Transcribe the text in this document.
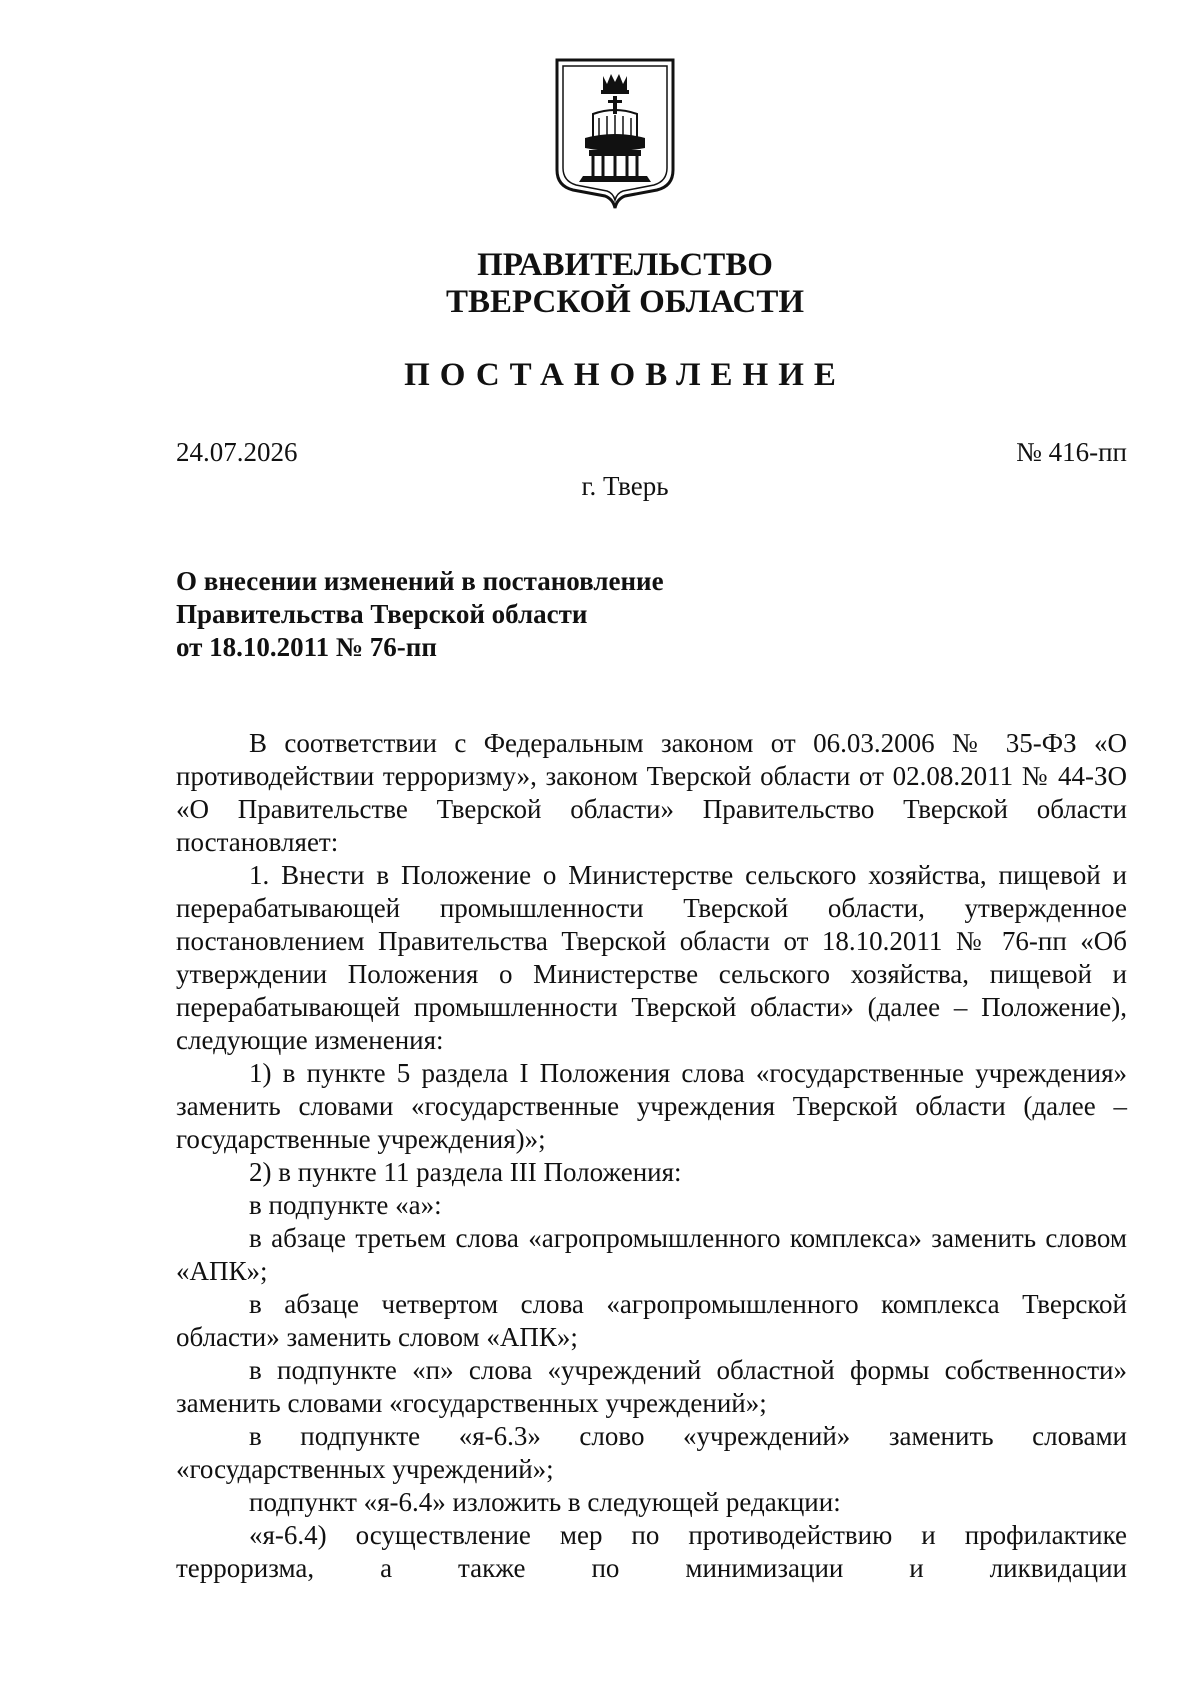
ПРАВИТЕЛЬСТВО
ТВЕРСКОЙ ОБЛАСТИ
ПОСТАНОВЛЕНИЕ
24.07.2026	№ 416-пп
г. Тверь
О внесении изменений в постановление
Правительства Тверской области
от 18.10.2011 № 76-пп

В соответствии с Федеральным законом от 06.03.2006 № 35-ФЗ «О противодействии терроризму», законом Тверской области от 02.08.2011 № 44-ЗО «О Правительстве Тверской области» Правительство Тверской области постановляет:

1. Внести в Положение о Министерстве сельского хозяйства, пищевой и перерабатывающей промышленности Тверской области, утвержденное постановлением Правительства Тверской области от 18.10.2011 № 76-пп «Об утверждении Положения о Министерстве сельского хозяйства, пищевой и перерабатывающей промышленности Тверской области» (далее – Положение), следующие изменения:

1) в пункте 5 раздела I Положения слова «государственные учреждения» заменить словами «государственные учреждения Тверской области (далее – государственные учреждения)»;

2) в пункте 11 раздела III Положения:

в подпункте «а»:

в абзаце третьем слова «агропромышленного комплекса» заменить словом «АПК»;

в абзаце четвертом слова «агропромышленного комплекса Тверской области» заменить словом «АПК»;

в подпункте «п» слова «учреждений областной формы собственности» заменить словами «государственных учреждений»;

в подпункте «я-6.3» слово «учреждений» заменить словами «государственных учреждений»;

подпункт «я-6.4» изложить в следующей редакции:

«я-6.4) осуществление мер по противодействию и профилактике терроризма, а также по минимизации и ликвидации
